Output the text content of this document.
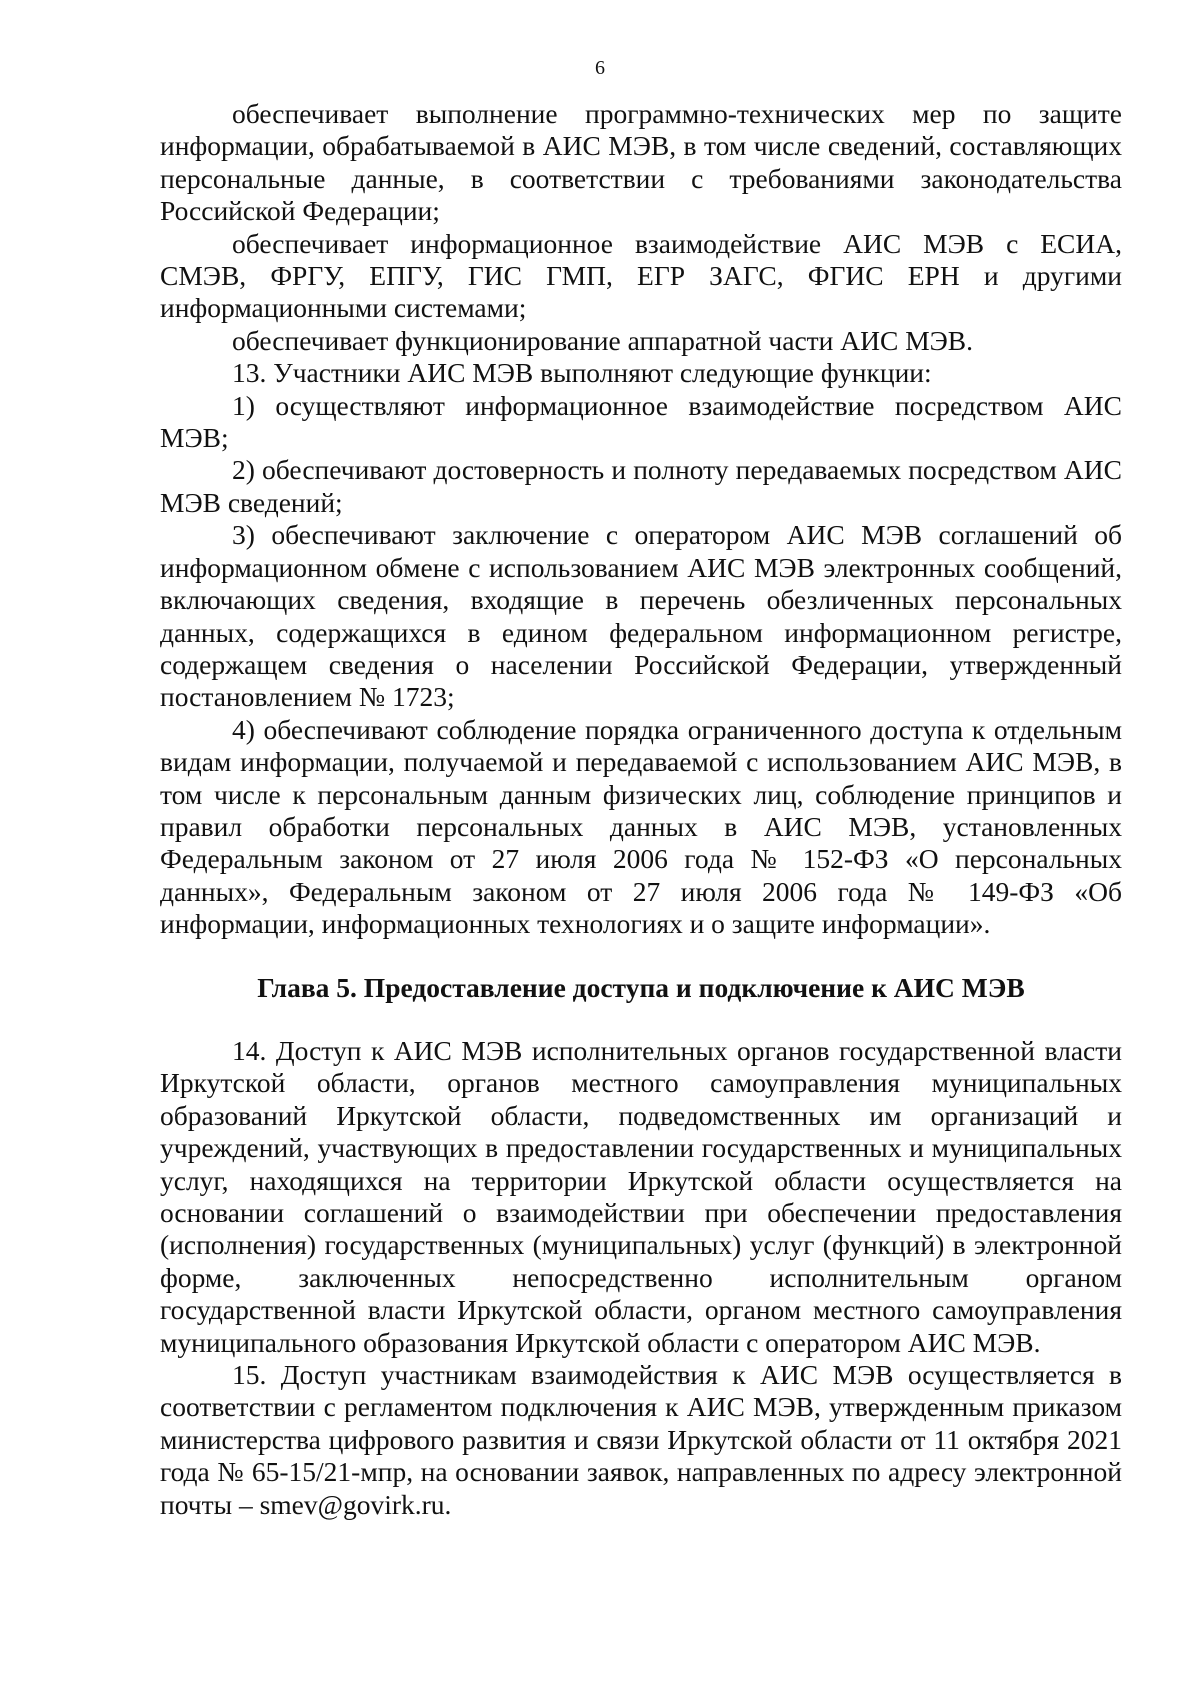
6

обеспечивает выполнение программно-технических мер по защите информации, обрабатываемой в АИС МЭВ, в том числе сведений, составляющих персональные данные, в соответствии с требованиями законодательства Российской Федерации;

обеспечивает информационное взаимодействие АИС МЭВ с ЕСИА, СМЭВ, ФРГУ, ЕПГУ, ГИС ГМП, ЕГР ЗАГС, ФГИС ЕРН и другими информационными системами;

обеспечивает функционирование аппаратной части АИС МЭВ.

13. Участники АИС МЭВ выполняют следующие функции:

1) осуществляют информационное взаимодействие посредством АИС МЭВ;

2) обеспечивают достоверность и полноту передаваемых посредством АИС МЭВ сведений;

3) обеспечивают заключение с оператором АИС МЭВ соглашений об информационном обмене с использованием АИС МЭВ электронных сообщений, включающих сведения, входящие в перечень обезличенных персональных данных, содержащихся в едином федеральном информационном регистре, содержащем сведения о населении Российской Федерации, утвержденный постановлением № 1723;

4) обеспечивают соблюдение порядка ограниченного доступа к отдельным видам информации, получаемой и передаваемой с использованием АИС МЭВ, в том числе к персональным данным физических лиц, соблюдение принципов и правил обработки персональных данных в АИС МЭВ, установленных Федеральным законом от 27 июля 2006 года № 152-ФЗ «О персональных данных», Федеральным законом от 27 июля 2006 года № 149-ФЗ «Об информации, информационных технологиях и о защите информации».

Глава 5. Предоставление доступа и подключение к АИС МЭВ

14. Доступ к АИС МЭВ исполнительных органов государственной власти Иркутской области, органов местного самоуправления муниципальных образований Иркутской области, подведомственных им организаций и учреждений, участвующих в предоставлении государственных и муниципальных услуг, находящихся на территории Иркутской области осуществляется на основании соглашений о взаимодействии при обеспечении предоставления (исполнения) государственных (муниципальных) услуг (функций) в электронной форме, заключенных непосредственно исполнительным органом государственной власти Иркутской области, органом местного самоуправления муниципального образования Иркутской области с оператором АИС МЭВ.

15. Доступ участникам взаимодействия к АИС МЭВ осуществляется в соответствии с регламентом подключения к АИС МЭВ, утвержденным приказом министерства цифрового развития и связи Иркутской области от 11 октября 2021 года № 65-15/21-мпр, на основании заявок, направленных по адресу электронной почты – smev@govirk.ru.
